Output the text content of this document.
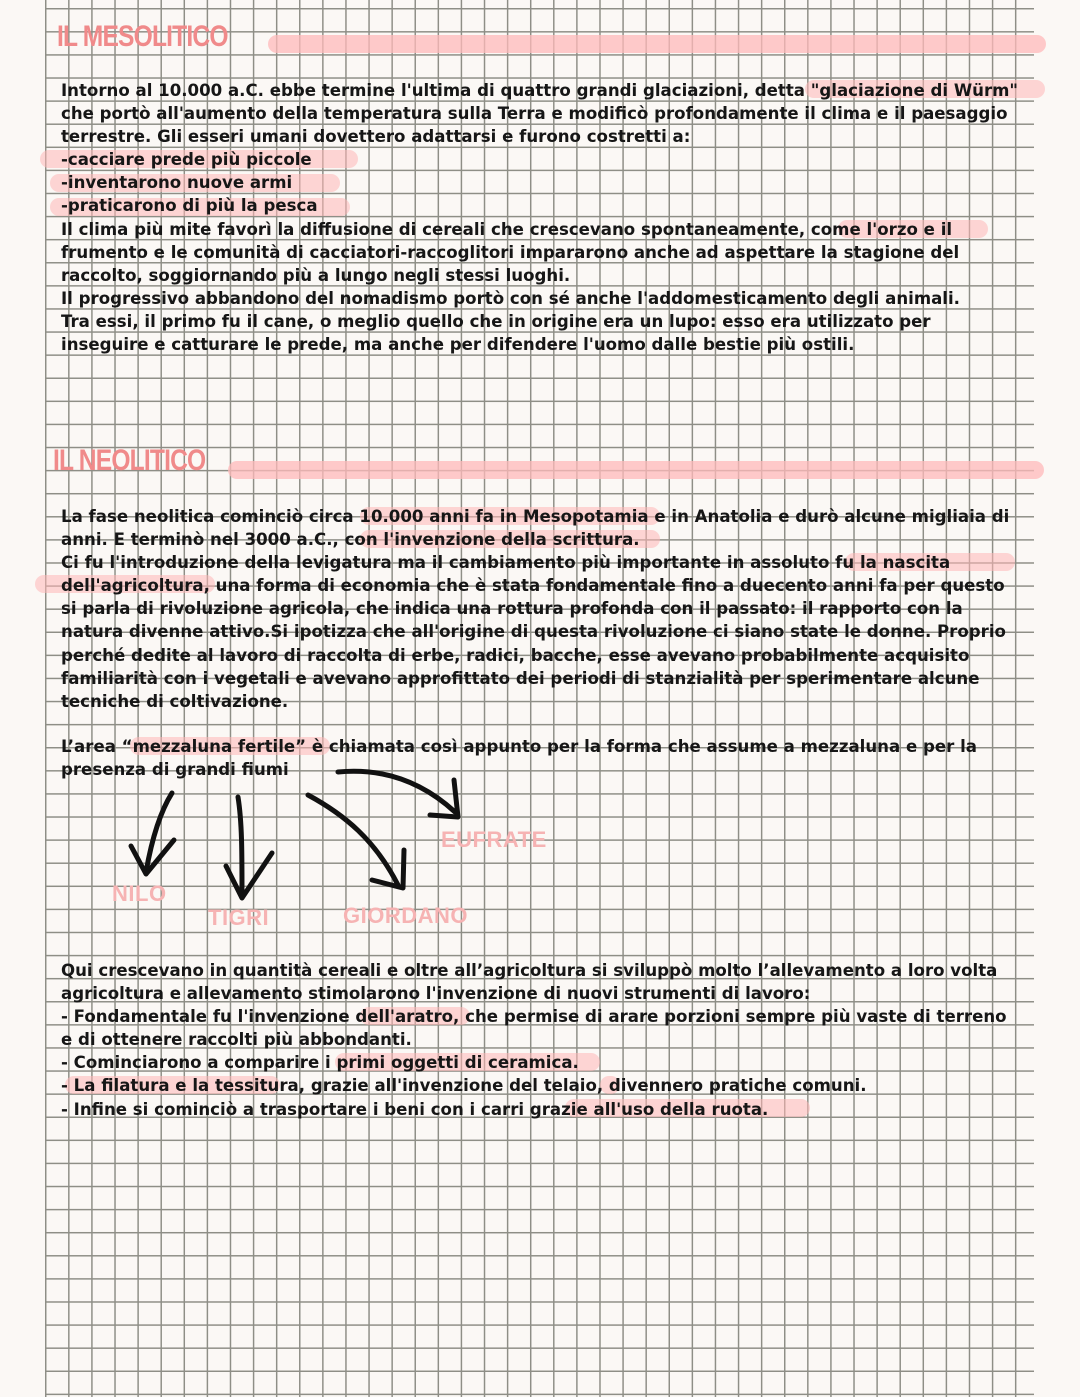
IL MESOLITICO
Intorno al 10.000 a.C. ebbe termine l'ultima di quattro grandi glaciazioni, detta "glaciazione di Würm"
che portò all'aumento della temperatura sulla Terra e modificò profondamente il clima e il paesaggio
terrestre. Gli esseri umani dovettero adattarsi e furono costretti a:
-cacciare prede più piccole
-inventarono nuove armi
-praticarono di più la pesca
Il clima più mite favorì la diffusione di cereali che crescevano spontaneamente, come l'orzo e il
frumento e le comunità di cacciatori-raccoglitori impararono anche ad aspettare la stagione del
raccolto, soggiornando più a lungo negli stessi luoghi.
Il progressivo abbandono del nomadismo portò con sé anche l'addomesticamento degli animali.
Tra essi, il primo fu il cane, o meglio quello che in origine era un lupo: esso era utilizzato per
inseguire e catturare le prede, ma anche per difendere l'uomo dalle bestie più ostili.
IL NEOLITICO
La fase neolitica cominciò circa 10.000 anni fa in Mesopotamia e in Anatolia e durò alcune migliaia di
anni. E terminò nel 3000 a.C., con l'invenzione della scrittura.
Ci fu l'introduzione della levigatura ma il cambiamento più importante in assoluto fu la nascita
dell'agricoltura, una forma di economia che è stata fondamentale fino a duecento anni fa per questo
si parla di rivoluzione agricola, che indica una rottura profonda con il passato: il rapporto con la
natura divenne attivo.Si ipotizza che all'origine di questa rivoluzione ci siano state le donne. Proprio
perché dedite al lavoro di raccolta di erbe, radici, bacche, esse avevano probabilmente acquisito
familiarità con i vegetali e avevano approfittato dei periodi di stanzialità per sperimentare alcune
tecniche di coltivazione.
L’area “mezzaluna fertile” è chiamata così appunto per la forma che assume a mezzaluna e per la
presenza di grandi fiumi
NILO
TIGRI	GIORDANO
EUFRATE
Qui crescevano in quantità cereali e oltre all’agricoltura si sviluppò molto l’allevamento a loro volta
agricoltura e allevamento stimolarono l'invenzione di nuovi strumenti di lavoro:
- Fondamentale fu l'invenzione dell'aratro, che permise di arare porzioni sempre più vaste di terreno
e di ottenere raccolti più abbondanti.
- Cominciarono a comparire i primi oggetti di ceramica.
- La filatura e la tessitura, grazie all'invenzione del telaio, divennero pratiche comuni.
- Infine si cominciò a trasportare i beni con i carri grazie all'uso della ruota.
